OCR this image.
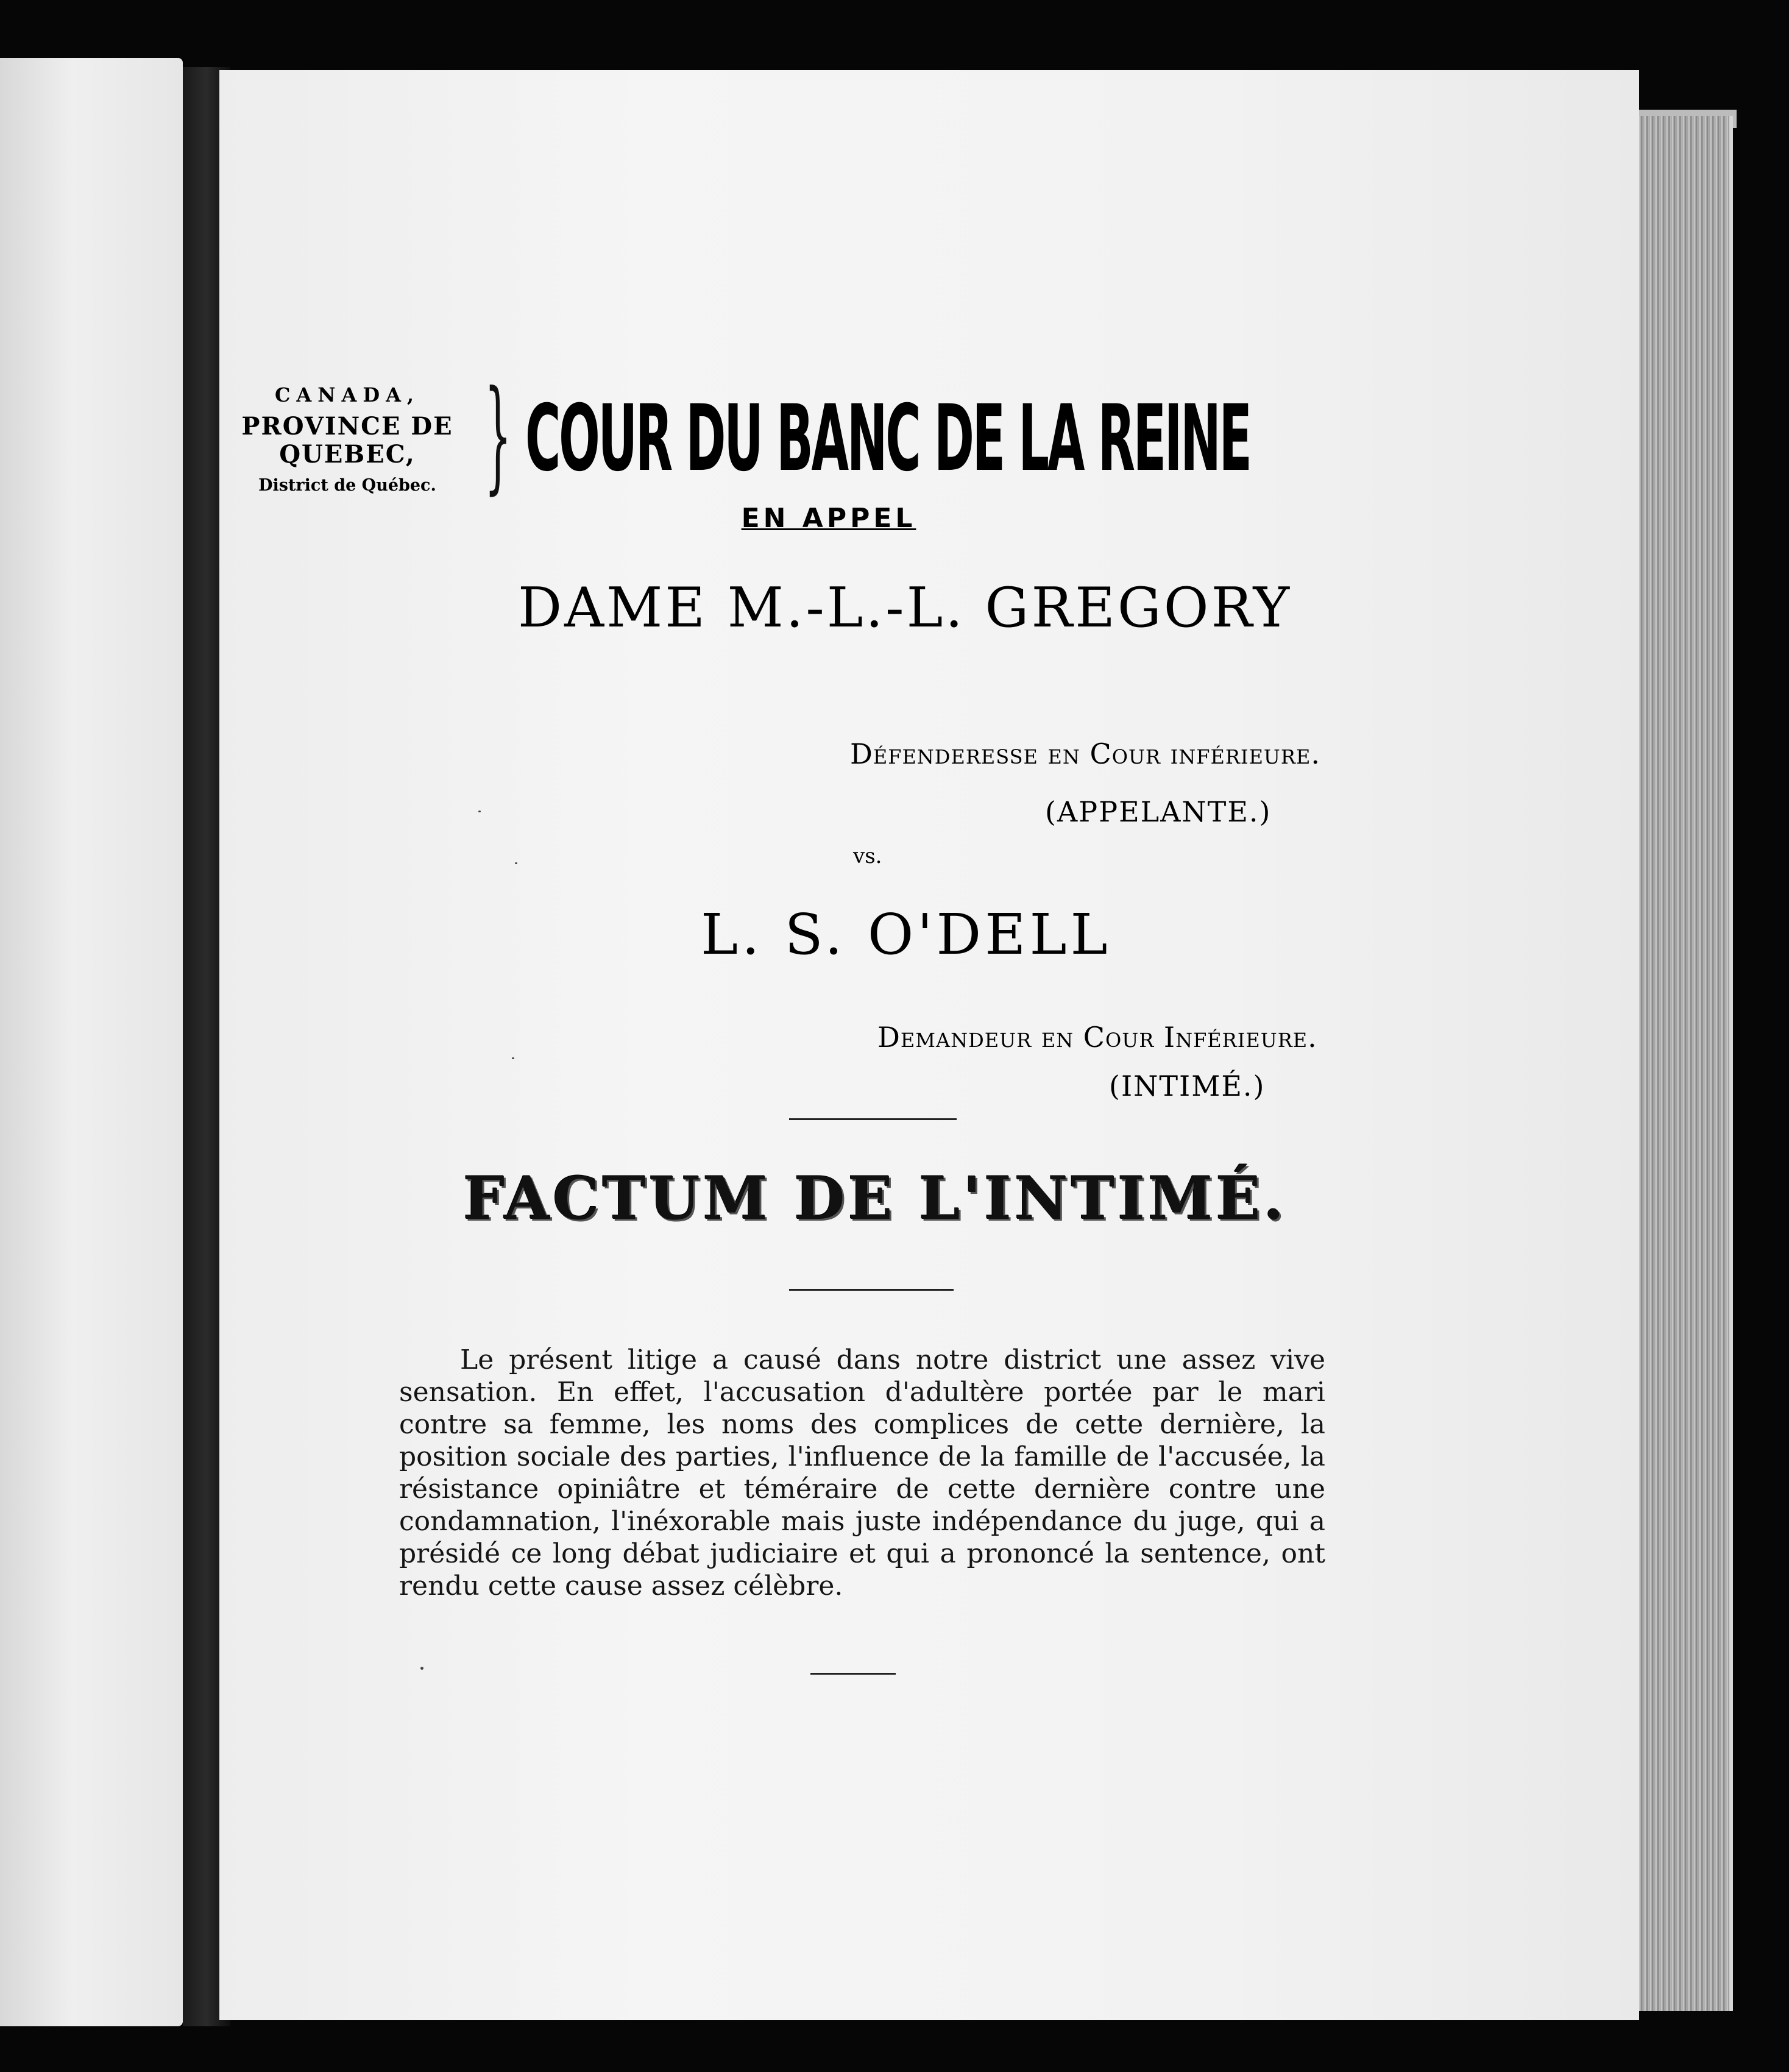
CANADA,
PROVINCE DE QUEBEC,
District de Québec. } COUR DU BANC DE LA REINE
EN APPEL
DAME M.-L.-L. GREGORY
Défenderesse en Cour inférieure.
(APPELANTE.)
vs.
L. S. O'DELL
Demandeur en Cour Inférieure.
(INTIMÉ.)
FACTUM DE L'INTIMÉ.
Le présent litige a causé dans notre district une assez vive sensation. En effet, l'accusation d'adultère portée par le mari contre sa femme, les noms des complices de cette dernière, la position sociale des parties, l'influence de la famille de l'accusée, la résistance opiniâtre et téméraire de cette dernière contre une condamnation, l'inéxorable mais juste indépendance du juge, qui a présidé ce long débat judiciaire et qui a prononcé la sentence, ont rendu cette cause assez célèbre.
